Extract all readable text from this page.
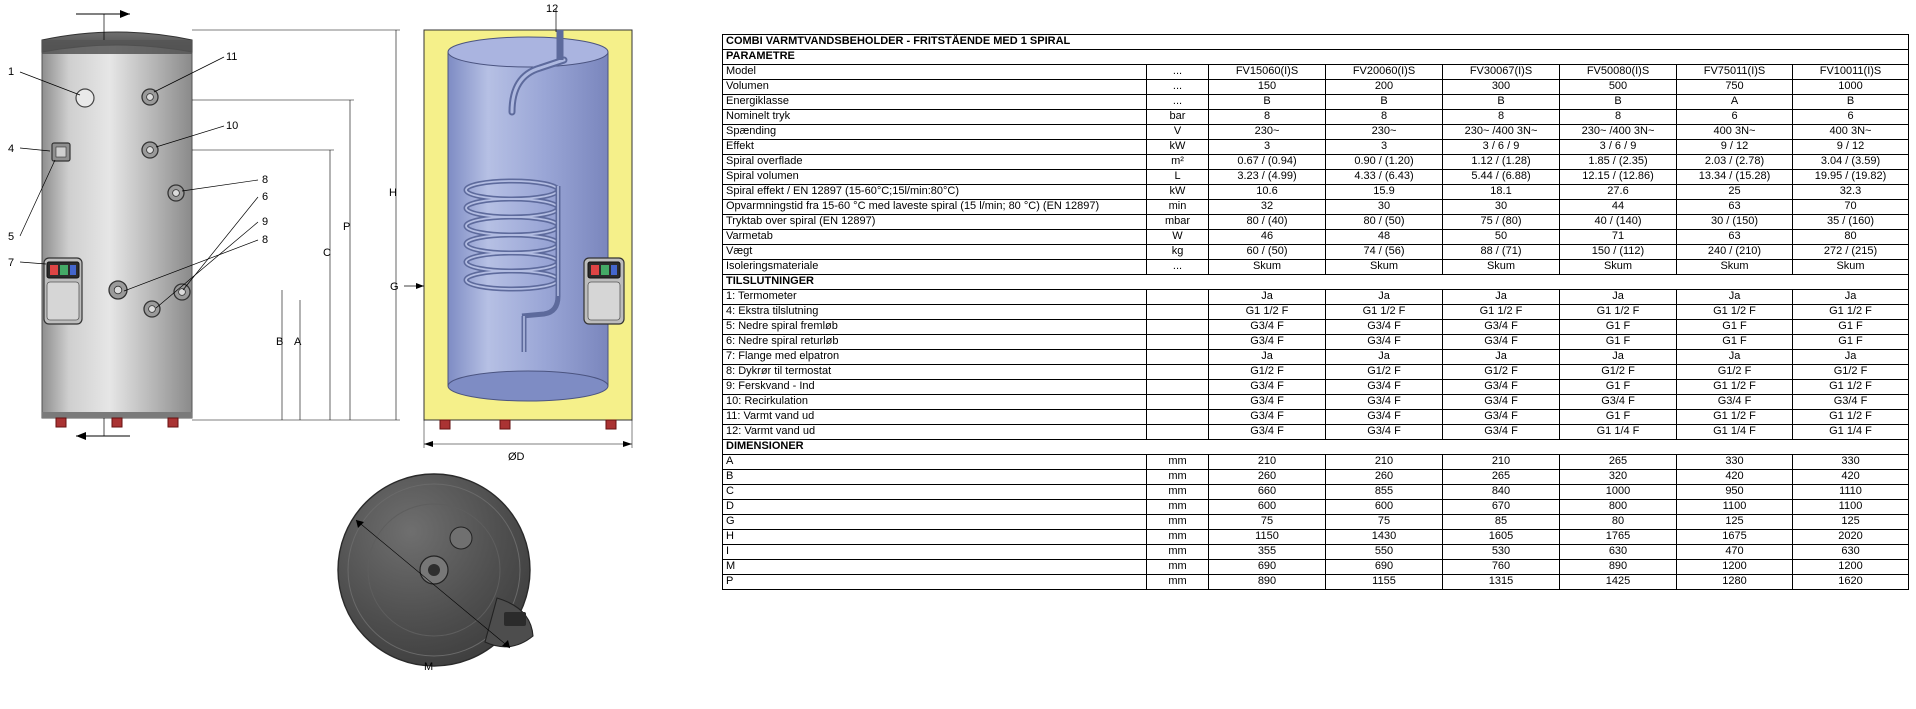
1
4
5
7
11
10
8
6
9
8
H
P
C
A
B
G
12
ØD
M
COMBI VARMTVANDSBEHOLDER - FRITSTÅENDE MED 1 SPIRAL							
PARAMETRE							
Model	...	FV15060(I)S	FV20060(I)S	FV30067(I)S	FV50080(I)S	FV75011(I)S	FV10011(I)S
Volumen	...	150	200	300	500	750	1000
Energiklasse	...	B	B	B	B	A	B
Nominelt tryk	bar	8	8	8	8	6	6
Spænding	V	230~	230~	230~ /400 3N~	230~ /400 3N~	400 3N~	400 3N~
Effekt	kW	3	3	3 / 6 / 9	3 / 6 / 9	9 / 12	9 / 12
Spiral overflade	m²	0.67 / (0.94)	0.90 / (1.20)	1.12 / (1.28)	1.85 / (2.35)	2.03 / (2.78)	3.04 / (3.59)
Spiral volumen	L	3.23 / (4.99)	4.33 / (6.43)	5.44 / (6.88)	12.15 / (12.86)	13.34 / (15.28)	19.95 / (19.82)
Spiral effekt / EN 12897 (15-60°C;15l/min:80°C)	kW	10.6	15.9	18.1	27.6	25	32.3
Opvarmningstid fra 15-60 °C med laveste spiral (15 l/min; 80 °C) (EN 12897)	min	32	30	30	44	63	70
Tryktab over spiral (EN 12897)	mbar	80 / (40)	80 / (50)	75 / (80)	40 / (140)	30 / (150)	35 / (160)
Varmetab	W	46	48	50	71	63	80
Vægt	kg	60 / (50)	74 / (56)	88 / (71)	150 / (112)	240 / (210)	272 / (215)
Isoleringsmateriale	...	Skum	Skum	Skum	Skum	Skum	Skum
TILSLUTNINGER							
1: Termometer		Ja	Ja	Ja	Ja	Ja	Ja
4: Ekstra tilslutning		G1 1/2 F	G1 1/2 F	G1 1/2 F	G1 1/2 F	G1 1/2 F	G1 1/2 F
5: Nedre spiral fremløb		G3/4 F	G3/4 F	G3/4 F	G1 F	G1 F	G1 F
6: Nedre spiral returløb		G3/4 F	G3/4 F	G3/4 F	G1 F	G1 F	G1 F
7: Flange med elpatron		Ja	Ja	Ja	Ja	Ja	Ja
8: Dykrør til termostat		G1/2 F	G1/2 F	G1/2 F	G1/2 F	G1/2 F	G1/2 F
9: Ferskvand - Ind		G3/4 F	G3/4 F	G3/4 F	G1 F	G1 1/2 F	G1 1/2 F
10: Recirkulation		G3/4 F	G3/4 F	G3/4 F	G3/4 F	G3/4 F	G3/4 F
11: Varmt vand ud		G3/4 F	G3/4 F	G3/4 F	G1 F	G1 1/2 F	G1 1/2 F
12: Varmt vand ud		G3/4 F	G3/4 F	G3/4 F	G1 1/4 F	G1 1/4 F	G1 1/4 F
DIMENSIONER							
A	mm	210	210	210	265	330	330
B	mm	260	260	265	320	420	420
C	mm	660	855	840	1000	950	1110
D	mm	600	600	670	800	1100	1100
G	mm	75	75	85	80	125	125
H	mm	1150	1430	1605	1765	1675	2020
I	mm	355	550	530	630	470	630
M	mm	690	690	760	890	1200	1200
P	mm	890	1155	1315	1425	1280	1620
